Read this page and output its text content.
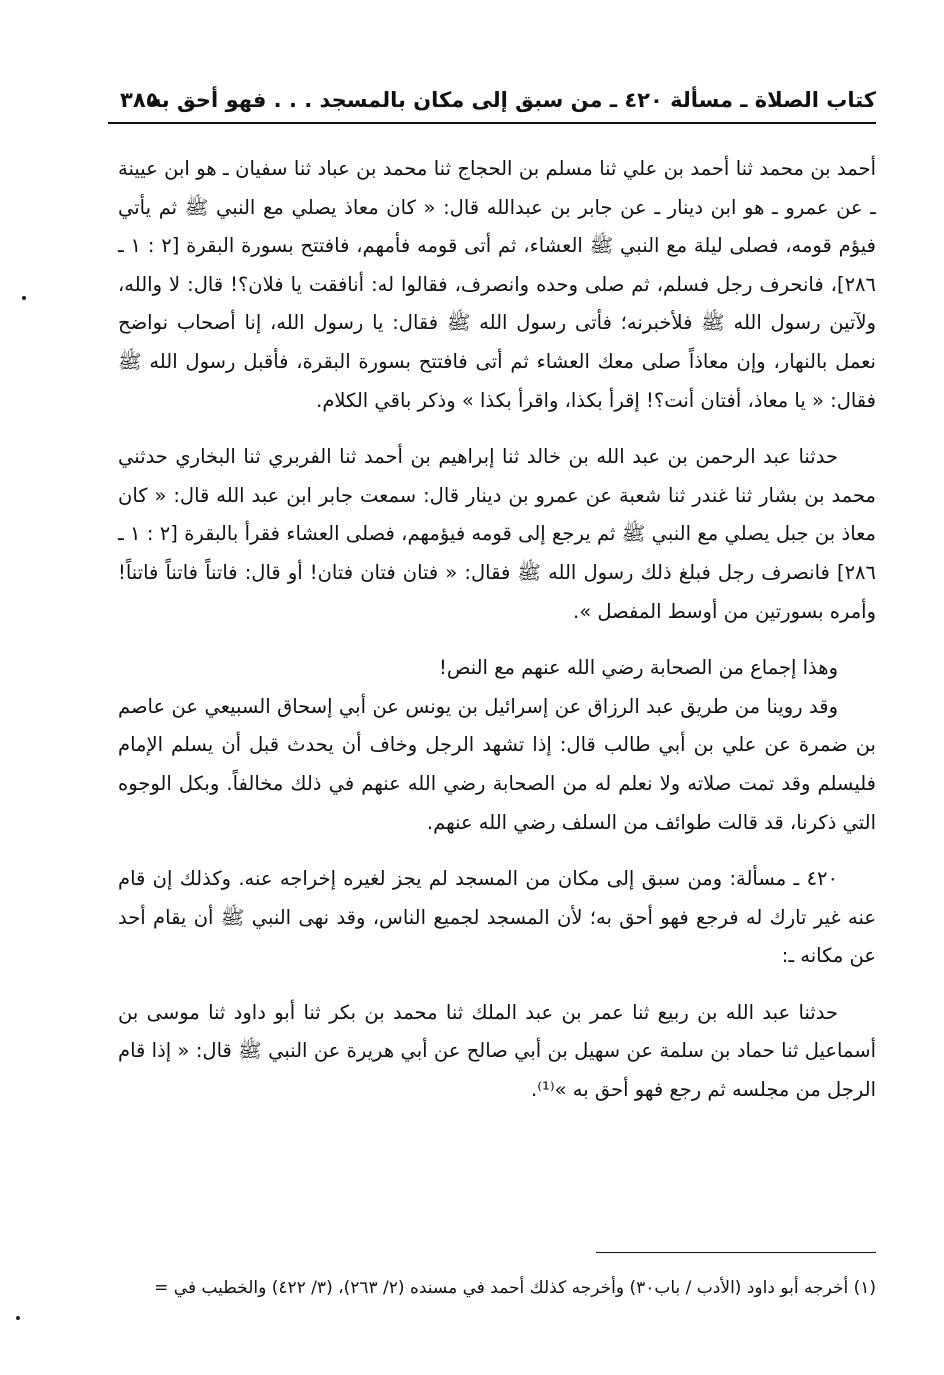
كتاب الصلاة ـ مسألة ٤٢٠ ـ من سبق إلى مكان بالمسجد . . . فهو أحق به
٣٨٥

أحمد بن محمد ثنا أحمد بن علي ثنا مسلم بن الحجاج ثنا محمد بن عباد ثنا سفيان ـ هو ابن عيينة ـ عن عمرو ـ هو ابن دينار ـ عن جابر بن عبدالله قال: « كان معاذ يصلي مع النبي ﷺ ثم يأتي فيؤم قومه، فصلى ليلة مع النبي ﷺ العشاء، ثم أتى قومه فأمهم، فافتتح بسورة البقرة [٢ : ١ ـ ٢٨٦]، فانحرف رجل فسلم، ثم صلى وحده وانصرف، فقالوا له: أنافقت يا فلان؟! قال: لا والله، ولآتين رسول الله ﷺ فلأخبرنه؛ فأتى رسول الله ﷺ فقال: يا رسول الله، إنا أصحاب نواضح نعمل بالنهار، وإن معاذاً صلى معك العشاء ثم أتى فافتتح بسورة البقرة، فأقبل رسول الله ﷺ فقال: « يا معاذ، أفتان أنت؟! إقرأ بكذا، واقرأ بكذا » وذكر باقي الكلام.

حدثنا عبد الرحمن بن عبد الله بن خالد ثنا إبراهيم بن أحمد ثنا الفربري ثنا البخاري حدثني محمد بن بشار ثنا غندر ثنا شعبة عن عمرو بن دينار قال: سمعت جابر ابن عبد الله قال: « كان معاذ بن جبل يصلي مع النبي ﷺ ثم يرجع إلى قومه فيؤمهم، فصلى العشاء فقرأ بالبقرة [٢ : ١ ـ ٢٨٦] فانصرف رجل فبلغ ذلك رسول الله ﷺ فقال: « فتان فتان فتان! أو قال: فاتناً فاتناً فاتناً! وأمره بسورتين من أوسط المفصل ».

وهذا إجماع من الصحابة رضي الله عنهم مع النص!

وقد روينا من طريق عبد الرزاق عن إسرائيل بن يونس عن أبي إسحاق السبيعي عن عاصم بن ضمرة عن علي بن أبي طالب قال: إذا تشهد الرجل وخاف أن يحدث قبل أن يسلم الإمام فليسلم وقد تمت صلاته ولا نعلم له من الصحابة رضي الله عنهم في ذلك مخالفاً. وبكل الوجوه التي ذكرنا، قد قالت طوائف من السلف رضي الله عنهم.

٤٢٠ ـ مسألة: ومن سبق إلى مكان من المسجد لم يجز لغيره إخراجه عنه. وكذلك إن قام عنه غير تارك له فرجع فهو أحق به؛ لأن المسجد لجميع الناس، وقد نهى النبي ﷺ أن يقام أحد عن مكانه ـ:

حدثنا عبد الله بن ربيع ثنا عمر بن عبد الملك ثنا محمد بن بكر ثنا أبو داود ثنا موسى بن أسماعيل ثنا حماد بن سلمة عن سهيل بن أبي صالح عن أبي هريرة عن النبي ﷺ قال: « إذا قام الرجل من مجلسه ثم رجع فهو أحق به »⁽¹⁾.

(١) أخرجه أبو داود (الأدب / باب٣٠) وأخرجه كذلك أحمد في مسنده (٢/ ٢٦٣)، (٣/ ٤٢٢) والخطيب في =
